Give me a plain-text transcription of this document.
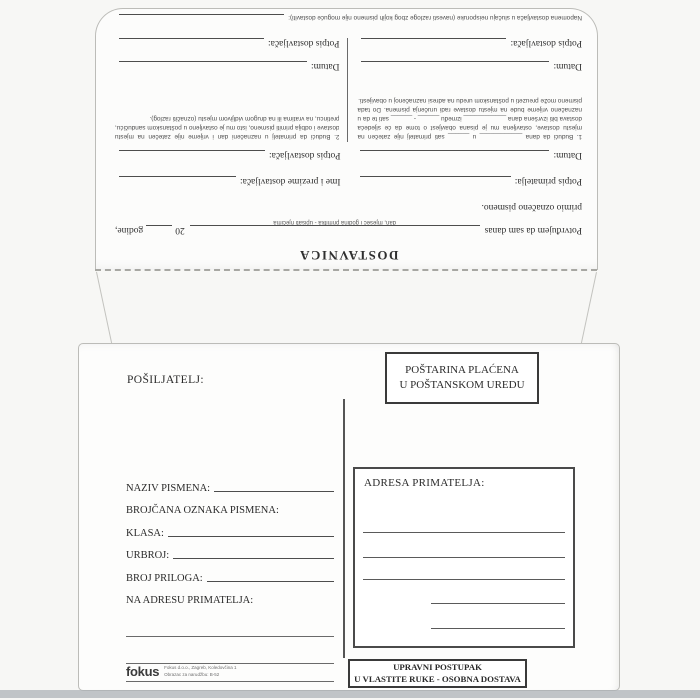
DOSTAVNICA
Potvrđujem da sam danas
dan, mjesec i godina primitka - upisati riječima
20
godine,
primio označeno pismeno.
Potpis primatelja:
Ime i prezime dostavljača:
Datum:
Potpis dostavljača:
1. Budući da dana ____________ u ______ sati primatelj nije zatečen na mjestu dostave, ostavljena mu je pisana obavijest o tome da će sljedeća dostava biti izvršena dana ____________ između ______ - ______ sati te da u naznačeno vrijeme bude na mjestu dostave radi uručenja pismena. Do tada pismeno može preuzeti u poštanskom uredu na adresi naznačenoj u obavijesti.
Datum:
Potpis dostavljača:
2. Budući da primatelj u naznačeni dan i vrijeme nije zatečen na mjestu dostave i odbija primiti pismeno, isto mu je ostavljeno u poštanskom sandučiću, pretincu, na vratima ili na drugom vidljivom mjestu (označiti razlog).
Datum:
Potpis dostavljača:
Napomena dostavljača u slučaju neisporuke (navesti razloge zbog kojih pismeno nije moguće dostaviti):
POŠILJATELJ:
POŠTARINA PLAĆENA
U POŠTANSKOM UREDU
NAZIV PISMENA:
BROJČANA OZNAKA PISMENA:
KLASA:
URBROJ:
BROJ PRILOGA:
NA ADRESU PRIMATELJA:
ADRESA PRIMATELJA:
UPRAVNI POSTUPAK
U VLASTITE RUKE - OSOBNA DOSTAVA
fokus Fokus d.o.o., Zagreb, Koledovčina 1
Obrazac za narudžbu: B-52
